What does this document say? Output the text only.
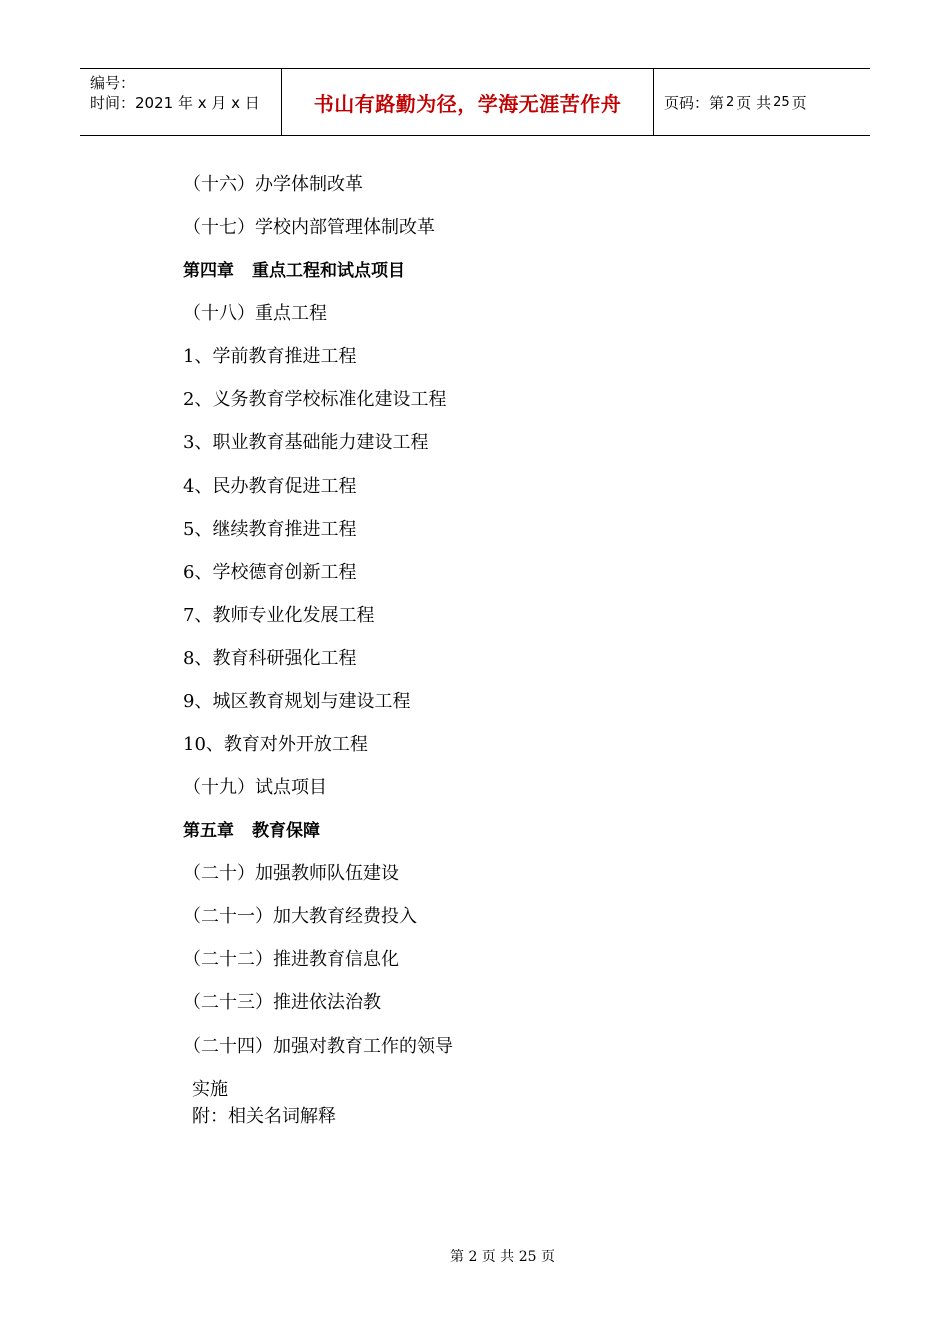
编号：
时间：2021 年 x 月 x 日	书山有路勤为径，学海无涯苦作舟	页码：第 2 页 共 25 页
（十六）办学体制改革
（十七）学校内部管理体制改革
第四章 重点工程和试点项目
（十八）重点工程
1、学前教育推进工程
2、义务教育学校标准化建设工程
3、职业教育基础能力建设工程
4、民办教育促进工程
5、继续教育推进工程
6、学校德育创新工程
7、教师专业化发展工程
8、教育科研强化工程
9、城区教育规划与建设工程
10、教育对外开放工程
（十九）试点项目
第五章 教育保障
（二十）加强教师队伍建设
（二十一）加大教育经费投入
（二十二）推进教育信息化
（二十三）推进依法治教
（二十四）加强对教育工作的领导
实施
附：相关名词解释
第 2 页 共 25 页
